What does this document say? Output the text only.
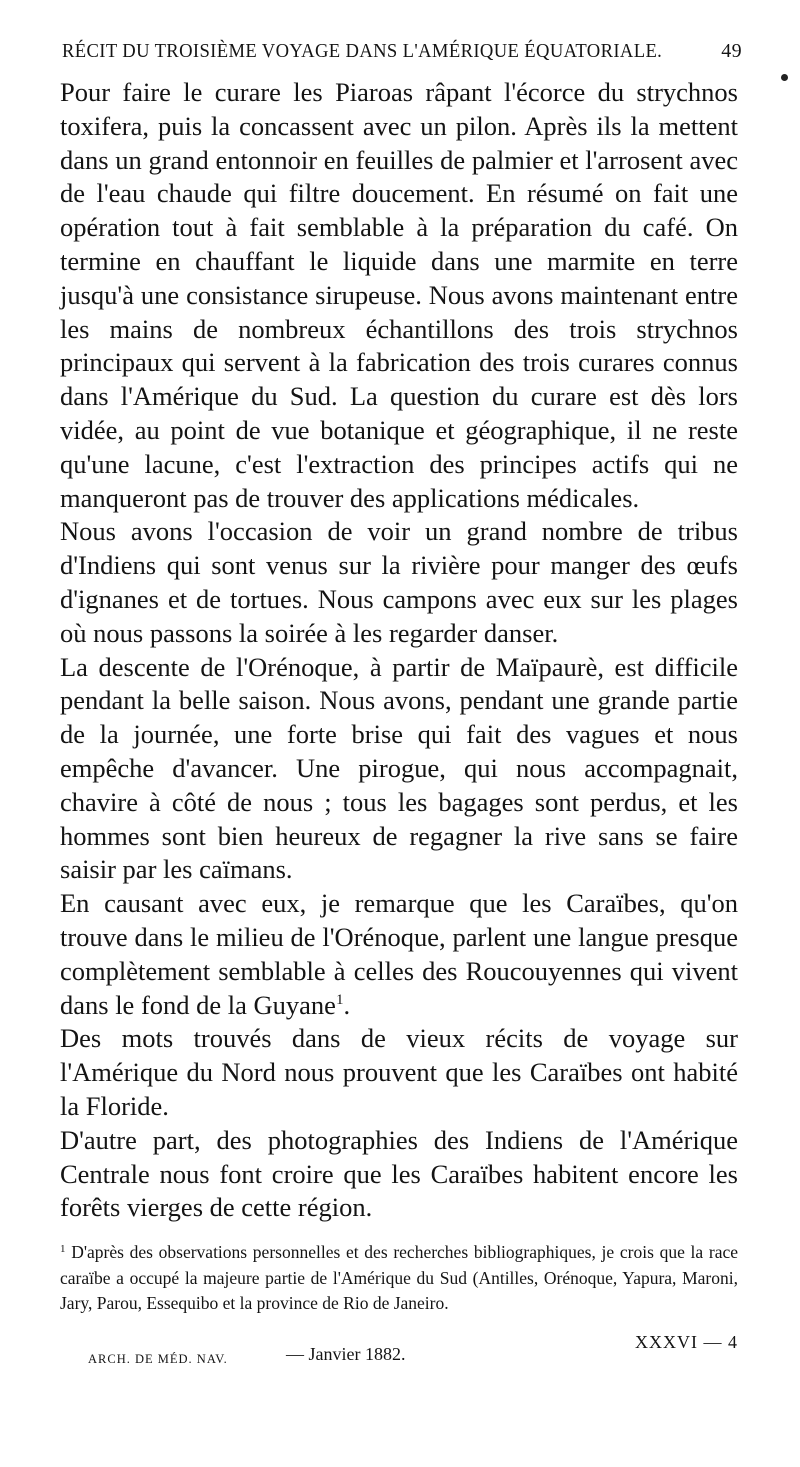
RÉCIT DU TROISIÈME VOYAGE DANS L'AMÉRIQUE ÉQUATORIALE.	49

Pour faire le curare les Piaroas râpant l'écorce du strychnos toxifera, puis la concassent avec un pilon. Après ils la mettent dans un grand entonnoir en feuilles de palmier et l'arrosent avec de l'eau chaude qui filtre doucement. En résumé on fait une opération tout à fait semblable à la préparation du café. On termine en chauffant le liquide dans une marmite en terre jusqu'à une consistance sirupeuse. Nous avons maintenant entre les mains de nombreux échantillons des trois strychnos principaux qui servent à la fabrication des trois curares connus dans l'Amérique du Sud. La question du curare est dès lors vidée, au point de vue botanique et géographique, il ne reste qu'une lacune, c'est l'extraction des principes actifs qui ne manqueront pas de trouver des applications médicales.

Nous avons l'occasion de voir un grand nombre de tribus d'Indiens qui sont venus sur la rivière pour manger des œufs d'ignanes et de tortues. Nous campons avec eux sur les plages où nous passons la soirée à les regarder danser.

La descente de l'Orénoque, à partir de Maïpaurè, est difficile pendant la belle saison. Nous avons, pendant une grande partie de la journée, une forte brise qui fait des vagues et nous empêche d'avancer. Une pirogue, qui nous accompagnait, chavire à côté de nous ; tous les bagages sont perdus, et les hommes sont bien heureux de regagner la rive sans se faire saisir par les caïmans.

En causant avec eux, je remarque que les Caraïbes, qu'on trouve dans le milieu de l'Orénoque, parlent une langue presque complètement semblable à celles des Roucouyennes qui vivent dans le fond de la Guyane$^1$.

Des mots trouvés dans de vieux récits de voyage sur l'Amérique du Nord nous prouvent que les Caraïbes ont habité la Floride.

D'autre part, des photographies des Indiens de l'Amérique Centrale nous font croire que les Caraïbes habitent encore les forêts vierges de cette région.

$^1$ D'après des observations personnelles et des recherches bibliographiques, je crois que la race caraïbe a occupé la majeure partie de l'Amérique du Sud (Antilles, Orénoque, Yapura, Maroni, Jary, Parou, Essequibo et la province de Rio de Janeiro.

ARCH. DE MÉD. NAV.	— Janvier 1882.
XXXVI — 4
